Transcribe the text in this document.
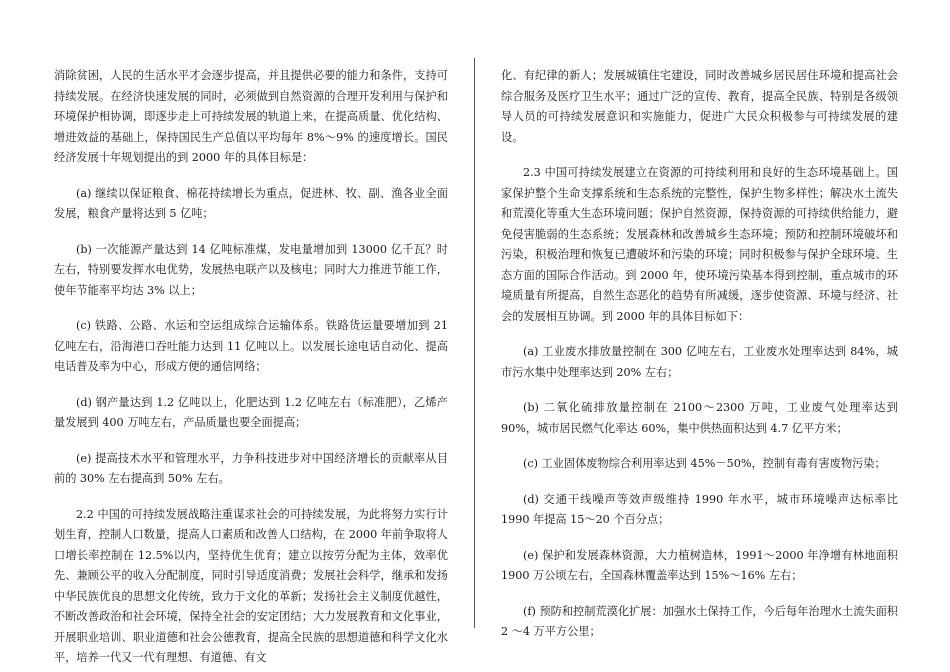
消除贫困，人民的生活水平才会逐步提高，并且提供必要的能力和条件，支持可持续发展。在经济快速发展的同时，必须做到自然资源的合理开发利用与保护和环境保护相协调，即逐步走上可持续发展的轨道上来，在提高质量、优化结构、增进效益的基础上，保持国民生产总值以平均每年 8%～9% 的速度增长。国民经济发展十年规划提出的到 2000 年的具体目标是：

(a) 继续以保证粮食、棉花持续增长为重点，促进林、牧、副、渔各业全面发展，粮食产量将达到 5 亿吨；

(b) 一次能源产量达到 14 亿吨标准煤，发电量增加到 13000 亿千瓦？时左右，特别要发挥水电优势，发展热电联产以及核电；同时大力推进节能工作，使年节能率平均达 3% 以上；

(c) 铁路、公路、水运和空运组成综合运输体系。铁路货运量要增加到 21 亿吨左右，沿海港口吞吐能力达到 11 亿吨以上。以发展长途电话自动化、提高电话普及率为中心，形成方便的通信网络；

(d) 钢产量达到 1.2 亿吨以上，化肥达到 1.2 亿吨左右（标准肥），乙烯产量发展到 400 万吨左右，产品质量也要全面提高；

(e) 提高技术水平和管理水平，力争科技进步对中国经济增长的贡献率从目前的 30% 左右提高到 50% 左右。

2.2 中国的可持续发展战略注重谋求社会的可持续发展，为此将努力实行计划生育，控制人口数量，提高人口素质和改善人口结构，在 2000 年前争取将人口增长率控制在 12.5%以内，坚持优生优育；建立以按劳分配为主体，效率优先、兼顾公平的收入分配制度，同时引导适度消费；发展社会科学，继承和发扬中华民族优良的思想文化传统，致力于文化的革新；发扬社会主义制度优越性，不断改善政治和社会环境，保持全社会的安定团结；大力发展教育和文化事业，开展职业培训、职业道德和社会公德教育，提高全民族的思想道德和科学文化水平，培养一代又一代有理想、有道德、有文

化、有纪律的新人；发展城镇住宅建设，同时改善城乡居民居住环境和提高社会综合服务及医疗卫生水平；通过广泛的宣传、教育，提高全民族、特别是各级领导人员的可持续发展意识和实施能力，促进广大民众积极参与可持续发展的建设。

2.3 中国可持续发展建立在资源的可持续利用和良好的生态环境基础上。国家保护整个生命支撑系统和生态系统的完整性，保护生物多样性；解决水土流失和荒漠化等重大生态环境问题；保护自然资源，保持资源的可持续供给能力，避免侵害脆弱的生态系统；发展森林和改善城乡生态环境；预防和控制环境破坏和污染，积极治理和恢复已遭破坏和污染的环境；同时积极参与保护全球环境、生态方面的国际合作活动。到 2000 年，使环境污染基本得到控制，重点城市的环境质量有所提高，自然生态恶化的趋势有所减缓，逐步使资源、环境与经济、社会的发展相互协调。到 2000 年的具体目标如下：

(a) 工业废水排放量控制在 300 亿吨左右，工业废水处理率达到 84%，城市污水集中处理率达到 20% 左右；

(b) 二氧化硫排放量控制在 2100～2300 万吨，工业废气处理率达到 90%，城市居民燃气化率达 60%，集中供热面积达到 4.7 亿平方米；

(c) 工业固体废物综合利用率达到 45%－50%，控制有毒有害废物污染；

(d) 交通干线噪声等效声级维持 1990 年水平，城市环境噪声达标率比 1990 年提高 15～20 个百分点；

(e) 保护和发展森林资源，大力植树造林，1991～2000 年净增有林地面积 1900 万公顷左右，全国森林覆盖率达到 15%～16% 左右；

(f) 预防和控制荒漠化扩展：加强水土保持工作，今后每年治理水土流失面积 2 ～4 万平方公里；
